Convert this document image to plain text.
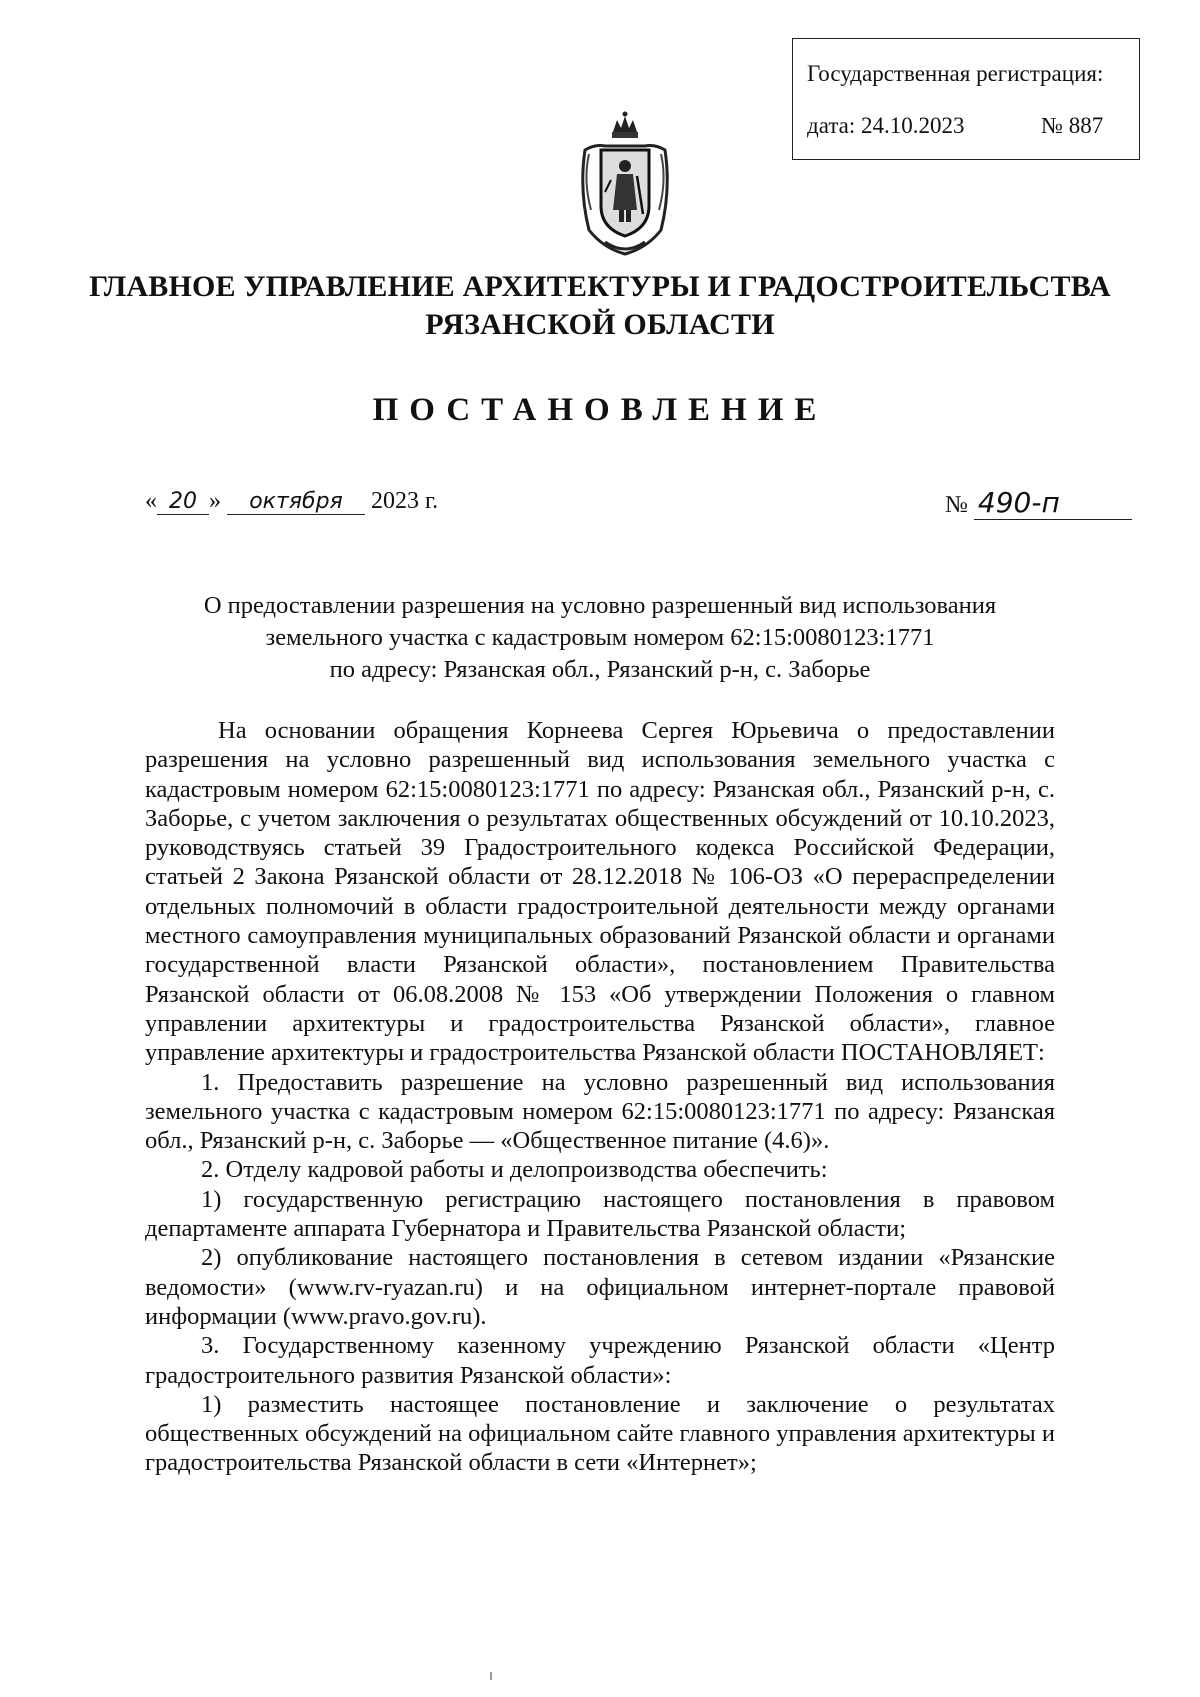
Государственная регистрация:
дата: 24.10.2023	№ 887
ГЛАВНОЕ УПРАВЛЕНИЕ АРХИТЕКТУРЫ И ГРАДОСТРОИТЕЛЬСТВА
РЯЗАНСКОЙ ОБЛАСТИ
ПОСТАНОВЛЕНИЕ
« 20 » октября 2023 г.	№ 490-п
О предоставлении разрешения на условно разрешенный вид использования
земельного участка с кадастровым номером 62:15:0080123:1771
по адресу: Рязанская обл., Рязанский р-н, с. Заборье

На основании обращения Корнеева Сергея Юрьевича о предоставлении разрешения на условно разрешенный вид использования земельного участка с кадастровым номером 62:15:0080123:1771 по адресу: Рязанская обл., Рязанский р-н, с. Заборье, с учетом заключения о результатах общественных обсуждений от 10.10.2023, руководствуясь статьей 39 Градостроительного кодекса Российской Федерации, статьей 2 Закона Рязанской области от 28.12.2018 № 106-ОЗ «О перераспределении отдельных полномочий в области градостроительной деятельности между органами местного самоуправления муниципальных образований Рязанской области и органами государственной власти Рязанской области», постановлением Правительства Рязанской области от 06.08.2008 № 153 «Об утверждении Положения о главном управлении архитектуры и градостроительства Рязанской области», главное управление архитектуры и градостроительства Рязанской области ПОСТАНОВЛЯЕТ:

1. Предоставить разрешение на условно разрешенный вид использования земельного участка с кадастровым номером 62:15:0080123:1771 по адресу: Рязанская обл., Рязанский р-н, с. Заборье — «Общественное питание (4.6)».

2. Отделу кадровой работы и делопроизводства обеспечить:

1) государственную регистрацию настоящего постановления в правовом департаменте аппарата Губернатора и Правительства Рязанской области;

2) опубликование настоящего постановления в сетевом издании «Рязанские ведомости» (www.rv-ryazan.ru) и на официальном интернет-портале правовой информации (www.pravo.gov.ru).

3. Государственному казенному учреждению Рязанской области «Центр градостроительного развития Рязанской области»:

1) разместить настоящее постановление и заключение о результатах общественных обсуждений на официальном сайте главного управления архитектуры и градостроительства Рязанской области в сети «Интернет»;
